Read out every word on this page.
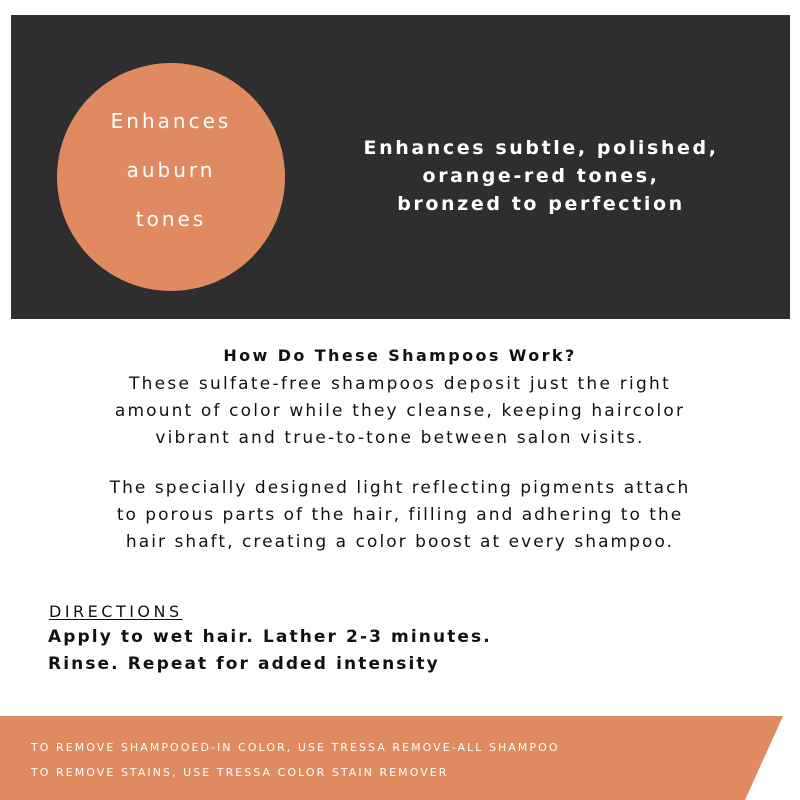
Enhances
auburn
tones
Enhances subtle, polished,
orange-red tones,
bronzed to perfection
How Do These Shampoos Work?
These sulfate-free shampoos deposit just the right
amount of color while they cleanse, keeping haircolor
vibrant and true-to-tone between salon visits.
The specially designed light reflecting pigments attach
to porous parts of the hair, filling and adhering to the
hair shaft, creating a color boost at every shampoo.
DIRECTIONS
Apply to wet hair. Lather 2-3 minutes.
Rinse. Repeat for added intensity
TO REMOVE SHAMPOOED-IN COLOR, USE TRESSA REMOVE-ALL SHAMPOO
TO REMOVE STAINS, USE TRESSA COLOR STAIN REMOVER
